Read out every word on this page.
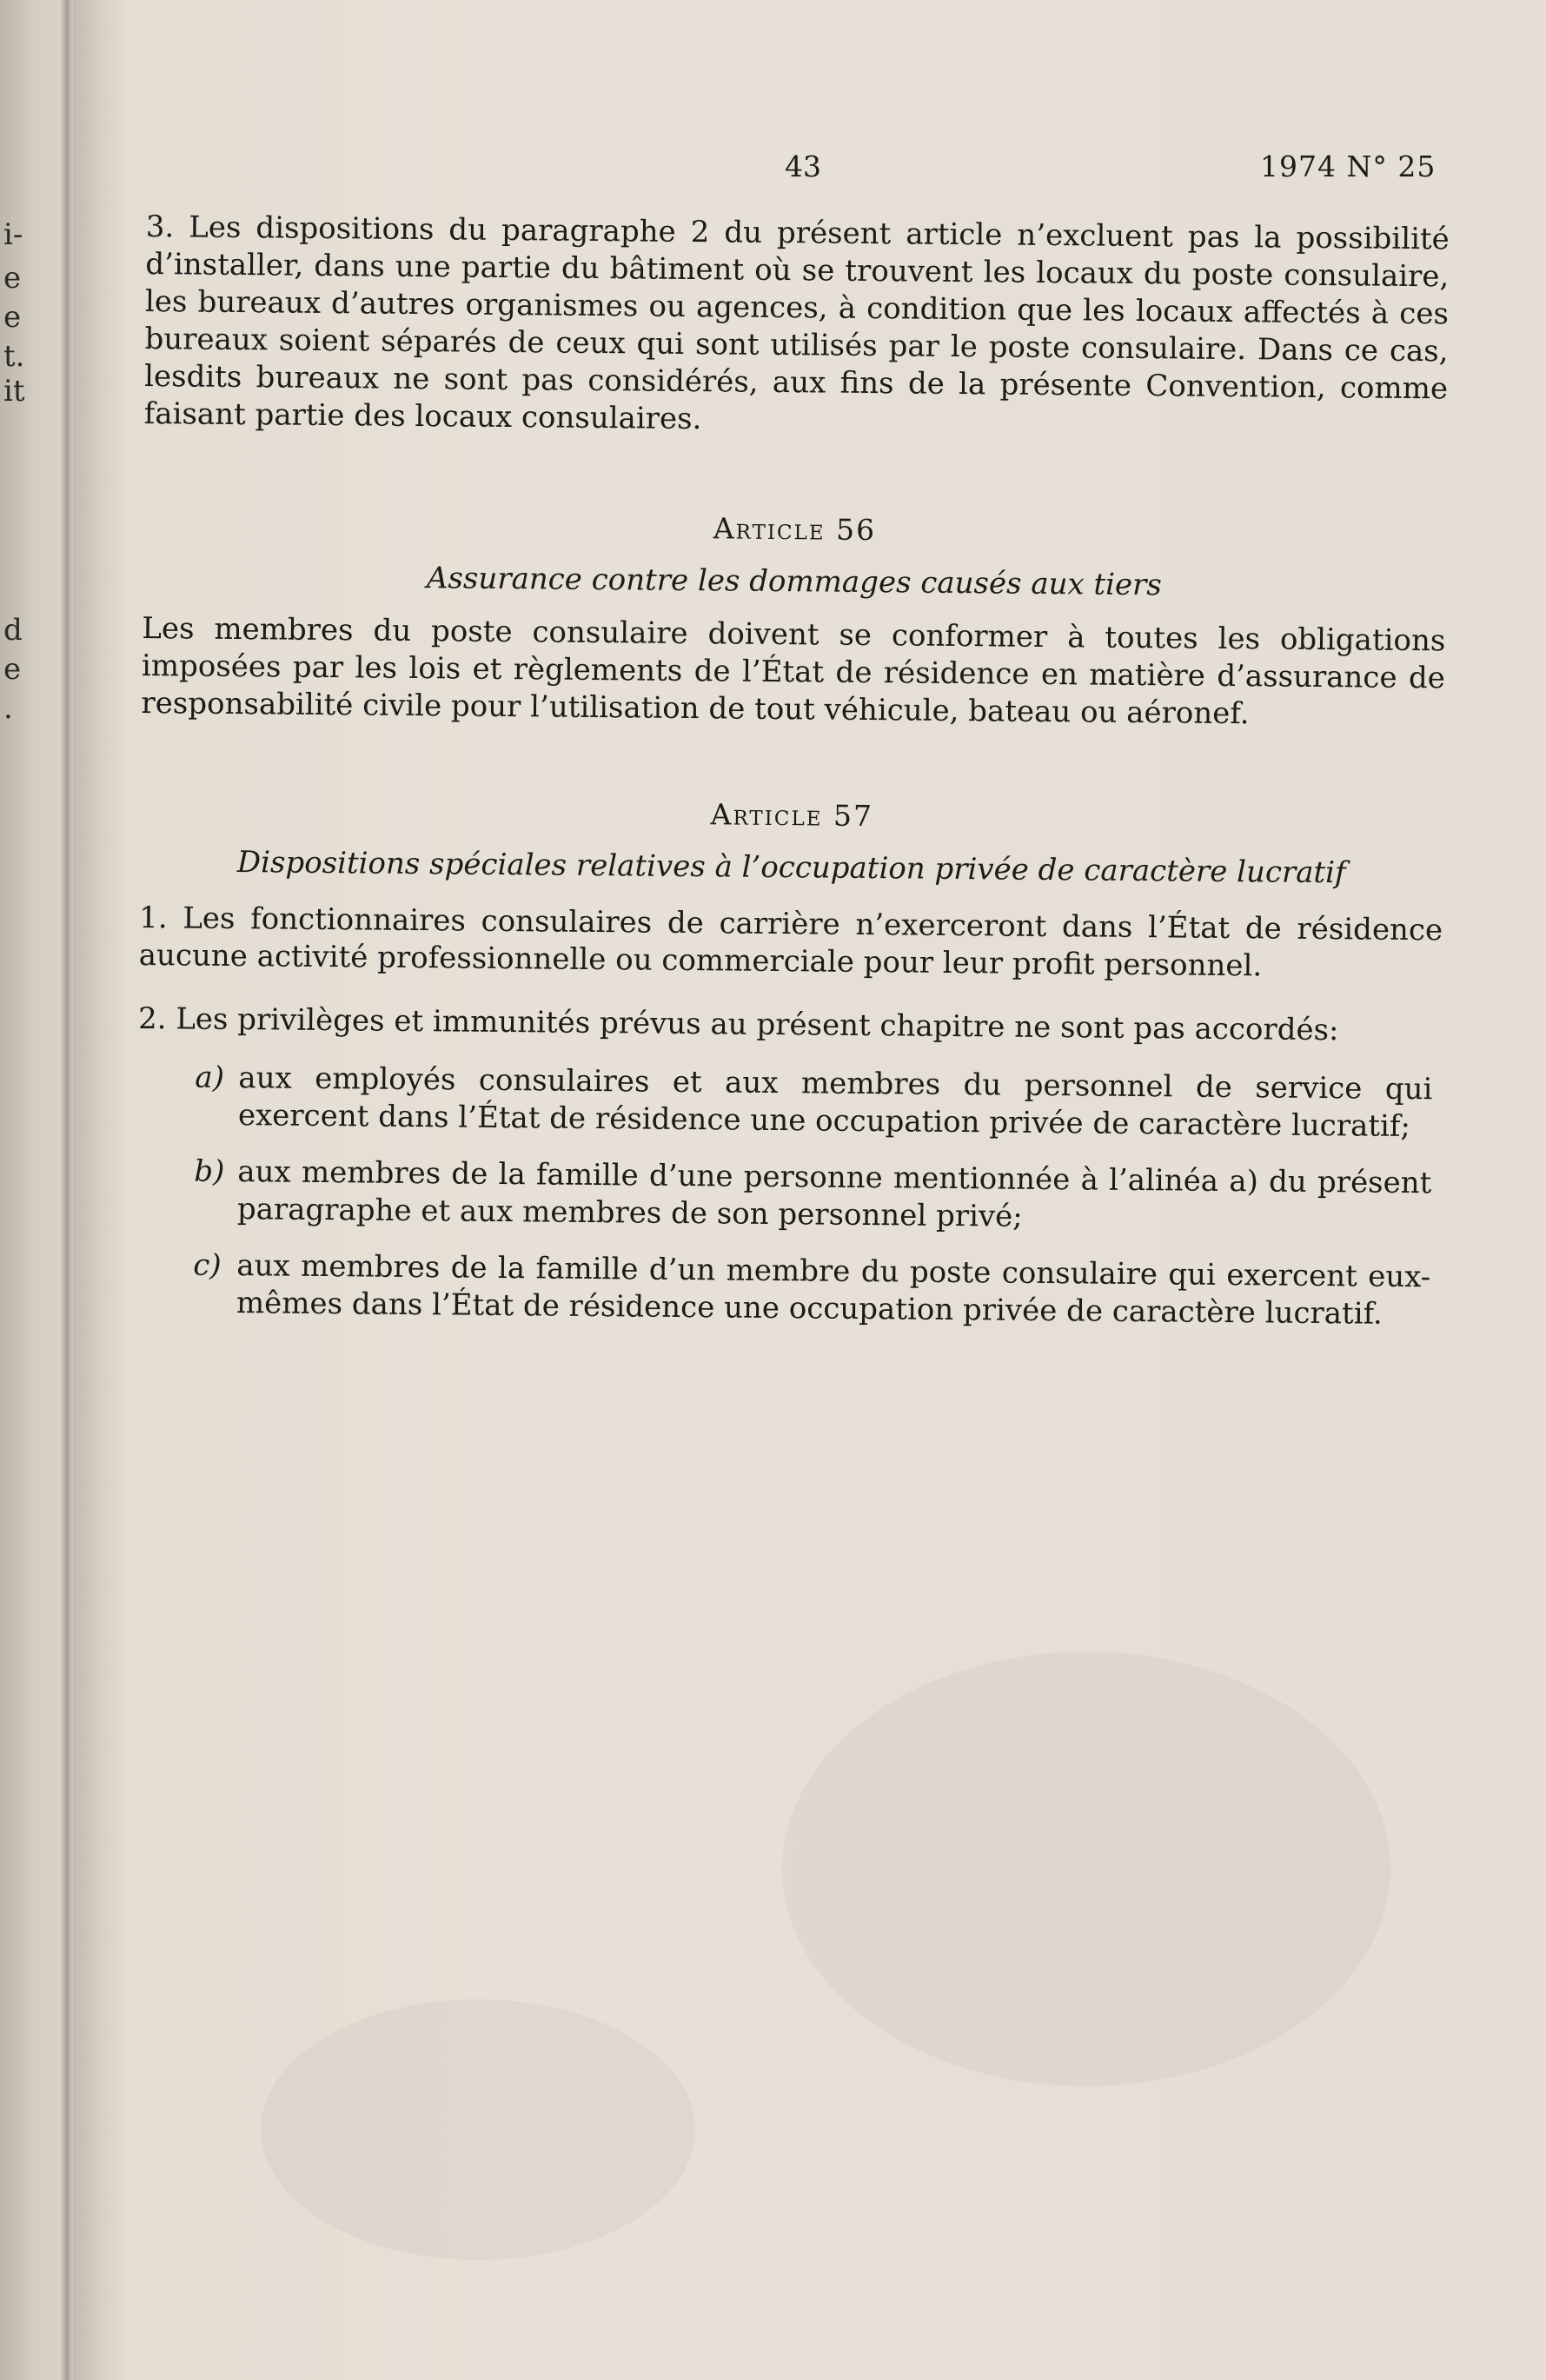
i-
e
e
t.
it
d
e
.
43	1974 N° 25

3. Les dispositions du paragraphe 2 du présent article n’excluent pas la possibilité d’installer, dans une partie du bâtiment où se trouvent les locaux du poste consulaire, les bureaux d’autres organismes ou agences, à condition que les locaux affectés à ces bureaux soient séparés de ceux qui sont utilisés par le poste consulaire. Dans ce cas, lesdits bureaux ne sont pas considérés, aux fins de la présente Convention, comme faisant partie des locaux consulaires.

Article 56

Assurance contre les dommages causés aux tiers

Les membres du poste consulaire doivent se conformer à toutes les obligations imposées par les lois et règlements de l’État de résidence en matière d’assurance de responsabilité civile pour l’utilisation de tout véhicule, bateau ou aéronef.

Article 57

Dispositions spéciales relatives à l’occupation privée de caractère lucratif

1. Les fonctionnaires consulaires de carrière n’exerceront dans l’État de résidence aucune activité professionnelle ou commerciale pour leur profit personnel.

2. Les privilèges et immunités prévus au présent chapitre ne sont pas accordés:

a) aux employés consulaires et aux membres du personnel de service qui exercent dans l’État de résidence une occupation privée de caractère lucratif;
b) aux membres de la famille d’une personne mentionnée à l’alinéa a) du présent paragraphe et aux membres de son personnel privé;
c) aux membres de la famille d’un membre du poste consulaire qui exercent eux-mêmes dans l’État de résidence une occupation privée de caractère lucratif.
